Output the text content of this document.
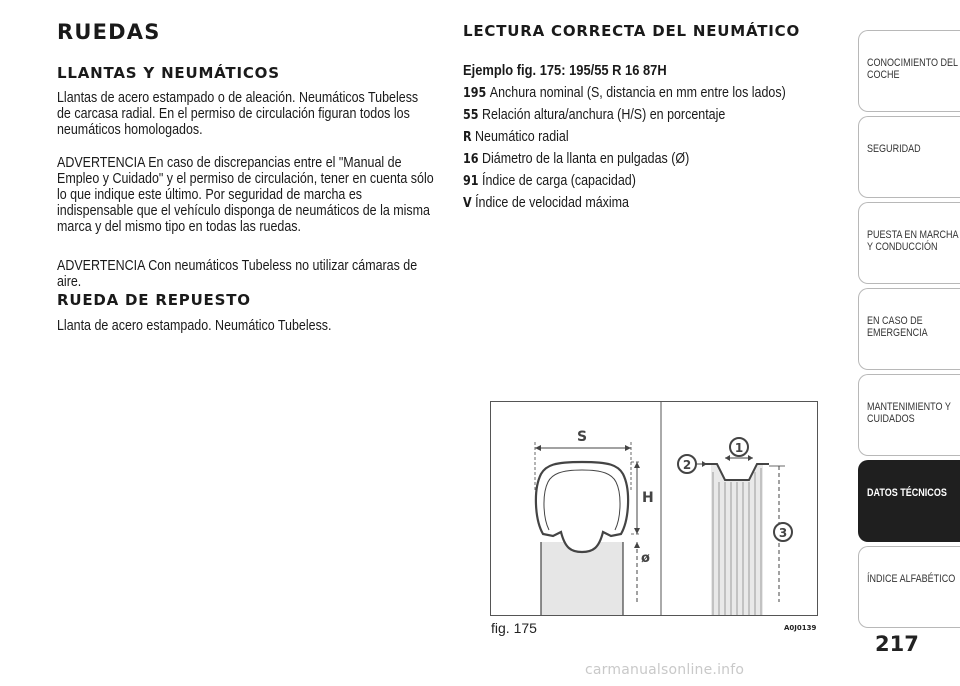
RUEDAS
LLANTAS Y NEUMÁTICOS

Llantas de acero estampado o de aleación. Neumáticos Tubeless de carcasa radial. En el permiso de circulación figuran todos los neumáticos homologados.

ADVERTENCIA En caso de discrepancias entre el "Manual de Empleo y Cuidado" y el permiso de circulación, tener en cuenta sólo lo que indique este último. Por seguridad de marcha es indispensable que el vehículo disponga de neumáticos de la misma marca y del mismo tipo en todas las ruedas.

ADVERTENCIA Con neumáticos Tubeless no utilizar cámaras de aire.

RUEDA DE REPUESTO

Llanta de acero estampado. Neumático Tubeless.

LECTURA CORRECTA DEL NEUMÁTICO
Ejemplo fig. 175: 195/55 R 16 87H
195 Anchura nominal (S, distancia en mm entre los lados)
55 Relación altura/anchura (H/S) en porcentaje
R Neumático radial
16 Diámetro de la llanta en pulgadas (Ø)
91 Índice de carga (capacidad)
V Índice de velocidad máxima
S
H
ø
1
2
3
fig. 175	A0J0139
CONOCIMIENTO DEL
COCHE
SEGURIDAD
PUESTA EN MARCHA
Y CONDUCCIÓN
EN CASO DE
EMERGENCIA
MANTENIMIENTO Y
CUIDADOS
DATOS TÉCNICOS
ÍNDICE ALFABÉTICO
217
carmanualsonline.info
